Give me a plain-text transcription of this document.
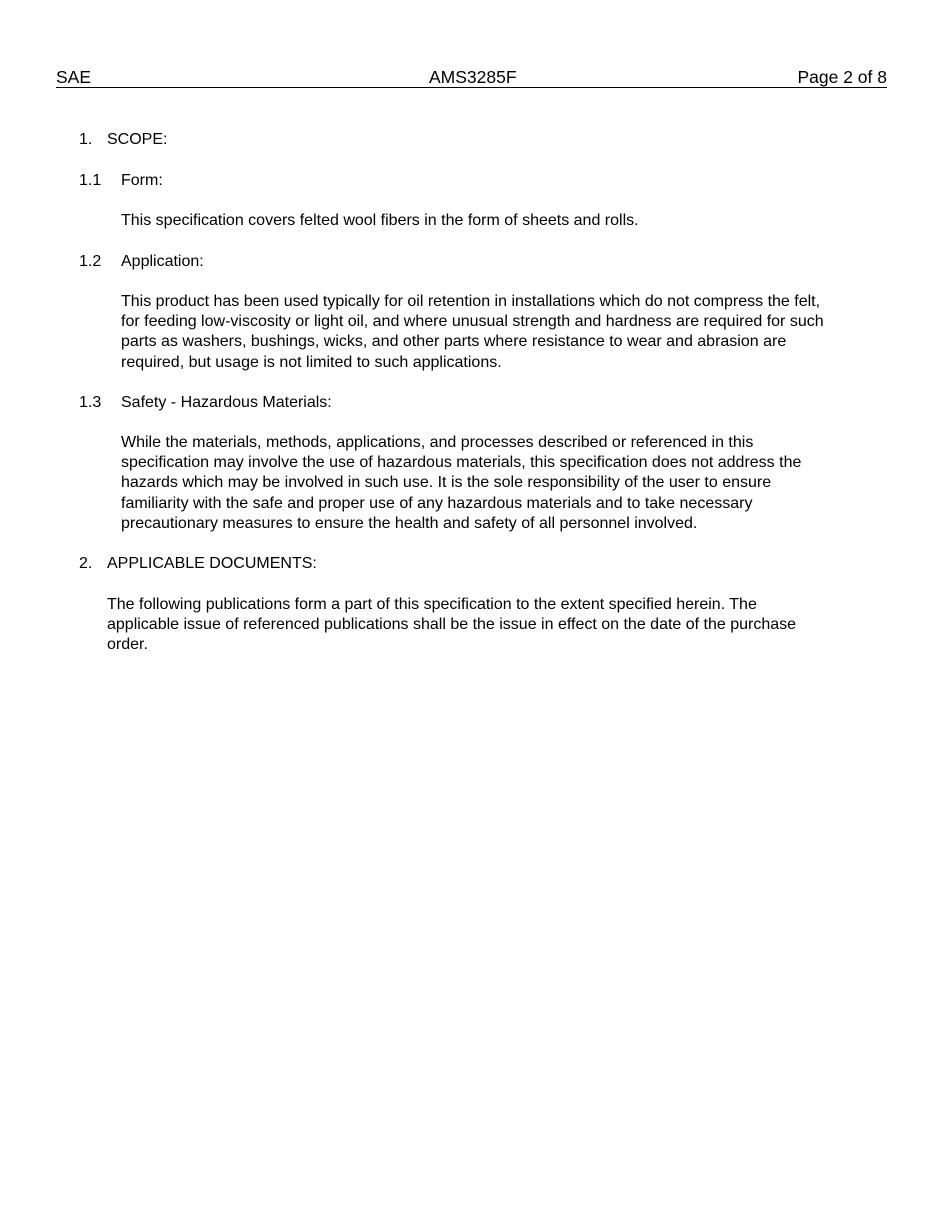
SAE	AMS3285F	Page 2 of 8
1. SCOPE:
1.1 Form:
This specification covers felted wool fibers in the form of sheets and rolls.
1.2 Application:
This product has been used typically for oil retention in installations which do not compress the felt,
for feeding low-viscosity or light oil, and where unusual strength and hardness are required for such
parts as washers, bushings, wicks, and other parts where resistance to wear and abrasion are
required, but usage is not limited to such applications.
1.3 Safety - Hazardous Materials:
While the materials, methods, applications, and processes described or referenced in this
specification may involve the use of hazardous materials, this specification does not address the
hazards which may be involved in such use. It is the sole responsibility of the user to ensure
familiarity with the safe and proper use of any hazardous materials and to take necessary
precautionary measures to ensure the health and safety of all personnel involved.
2. APPLICABLE DOCUMENTS:
The following publications form a part of this specification to the extent specified herein. The
applicable issue of referenced publications shall be the issue in effect on the date of the purchase
order.
